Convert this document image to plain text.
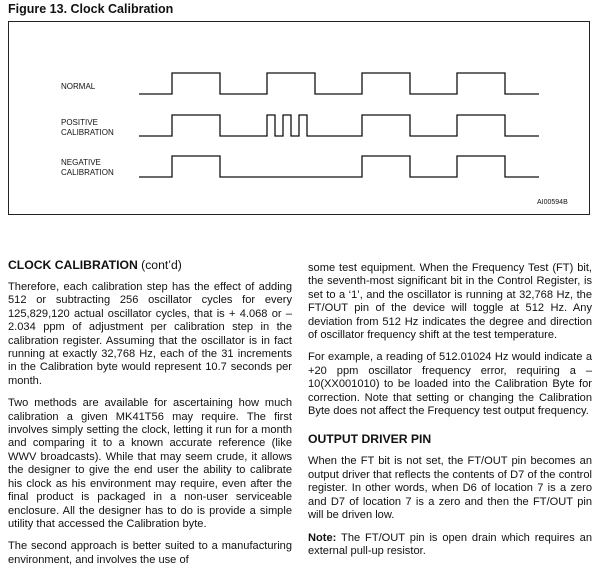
Figure 13. Clock Calibration
NORMAL
POSITIVE CALIBRATION
NEGATIVE CALIBRATION
AI00594B
CLOCK CALIBRATION (cont’d)

Therefore, each calibration step has the effect of adding 512 or subtracting 256 oscillator cycles for every 125,829,120 actual oscillator cycles, that is + 4.068 or –2.034 ppm of adjustment per calibration step in the calibration register. Assuming that the oscillator is in fact running at exactly 32,768 Hz, each of the 31 increments in the Calibration byte would represent 10.7 seconds per month.

Two methods are available for ascertaining how much calibration a given MK41T56 may require. The first involves simply setting the clock, letting it run for a month and comparing it to a known accurate reference (like WWV broadcasts). While that may seem crude, it allows the designer to give the end user the ability to calibrate his clock as his environment may require, even after the final product is packaged in a non-user serviceable enclosure. All the designer has to do is provide a simple utility that accessed the Calibration byte.

The second approach is better suited to a manufacturing environment, and involves the use of

some test equipment. When the Frequency Test (FT) bit, the seventh-most significant bit in the Control Register, is set to a ‘1’, and the oscillator is running at 32,768 Hz, the FT/OUT pin of the device will toggle at 512 Hz. Any deviation from 512 Hz indicates the degree and direction of oscillator frequency shift at the test temperature.

For example, a reading of 512.01024 Hz would indicate a +20 ppm oscillator frequency error, requiring a –10(XX001010) to be loaded into the Calibration Byte for correction. Note that setting or changing the Calibration Byte does not affect the Frequency test output frequency.

OUTPUT DRIVER PIN

When the FT bit is not set, the FT/OUT pin becomes an output driver that reflects the contents of D7 of the control register. In other words, when D6 of location 7 is a zero and D7 of location 7 is a zero and then the FT/OUT pin will be driven low.

Note: The FT/OUT pin is open drain which requires an external pull-up resistor.
